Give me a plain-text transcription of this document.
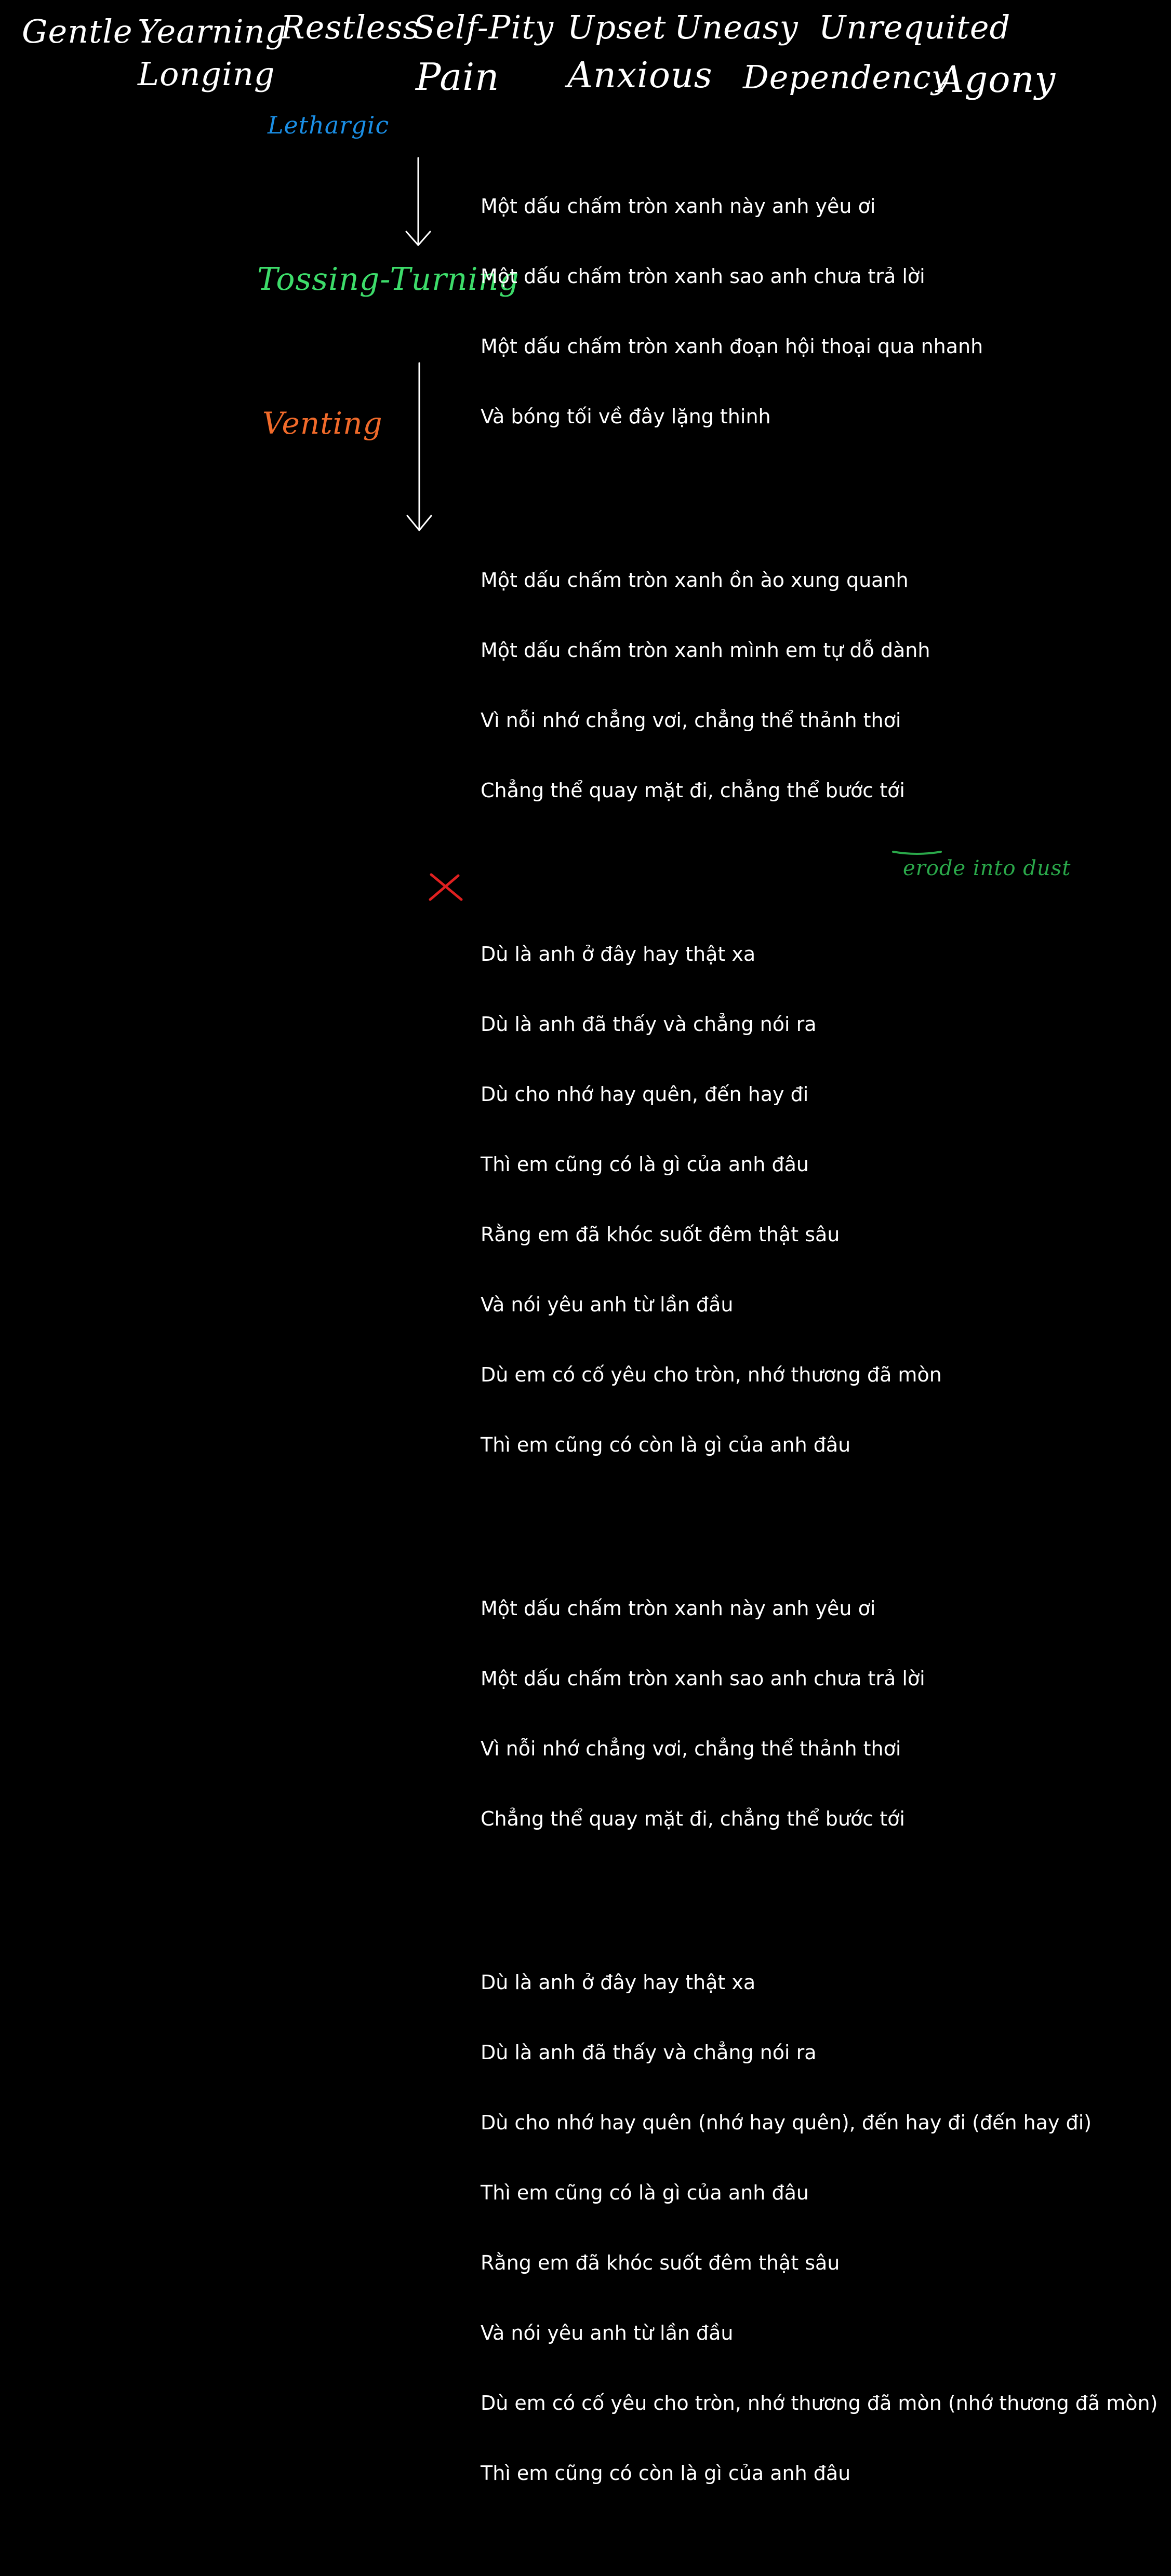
Gentle Yearning
Longing
Restless
Self-Pity
Pain
Upset
Anxious
Uneasy Unrequited
Dependency
Agony
Lethargic
Tossing-Turning
Venting
erode into dust

Một dấu chấm tròn xanh này anh yêu ơi

Một dấu chấm tròn xanh sao anh chưa trả lời

Một dấu chấm tròn xanh đoạn hội thoại qua nhanh

Và bóng tối về đây lặng thinh

Một dấu chấm tròn xanh ồn ào xung quanh

Một dấu chấm tròn xanh mình em tự dỗ dành

Vì nỗi nhớ chẳng vơi, chẳng thể thảnh thơi

Chẳng thể quay mặt đi, chẳng thể bước tới

Dù là anh ở đây hay thật xa

Dù là anh đã thấy và chẳng nói ra

Dù cho nhớ hay quên, đến hay đi

Thì em cũng có là gì của anh đâu

Rằng em đã khóc suốt đêm thật sâu

Và nói yêu anh từ lần đầu

Dù em có cố yêu cho tròn, nhớ thương đã mòn

Thì em cũng có còn là gì của anh đâu

Một dấu chấm tròn xanh này anh yêu ơi

Một dấu chấm tròn xanh sao anh chưa trả lời

Vì nỗi nhớ chẳng vơi, chẳng thể thảnh thơi

Chẳng thể quay mặt đi, chẳng thể bước tới

Dù là anh ở đây hay thật xa

Dù là anh đã thấy và chẳng nói ra

Dù cho nhớ hay quên (nhớ hay quên), đến hay đi (đến hay đi)

Thì em cũng có là gì của anh đâu

Rằng em đã khóc suốt đêm thật sâu

Và nói yêu anh từ lần đầu

Dù em có cố yêu cho tròn, nhớ thương đã mòn (nhớ thương đã mòn)

Thì em cũng có còn là gì của anh đâu
